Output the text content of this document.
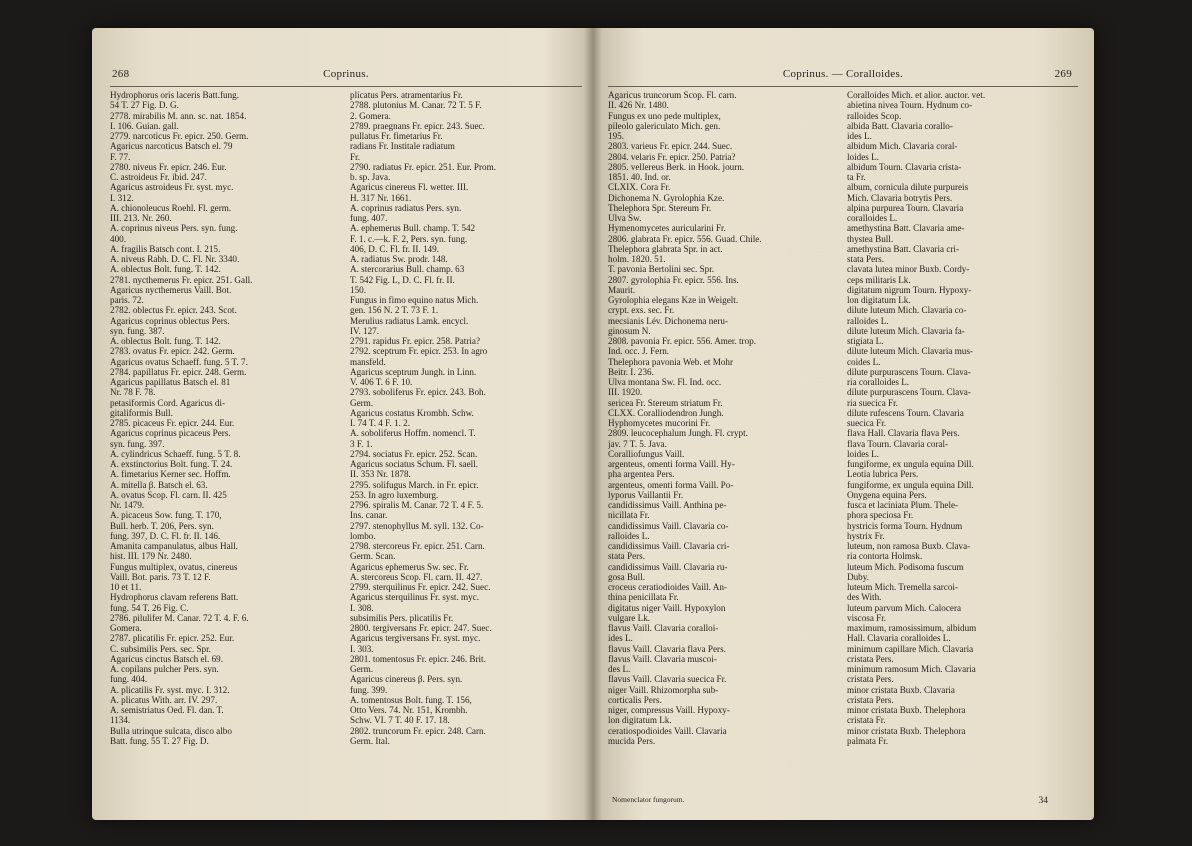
268	Coprinus.
Hydrophorus oris laceris Batt.fung.
54 T. 27 Fig. D. G.
2778. mirabilis M. ann. sc. nat. 1854.
I. 106. Guian. gall.
2779. narcoticus Fr. epicr. 250. Germ.
Agaricus narcoticus Batsch el. 79
F. 77.
2780. niveus Fr. epicr. 246. Eur.
C. astroideus Fr. ibid. 247.
Agaricus astroideus Fr. syst. myc.
I. 312.
A. chionoleucus Roehl. Fl. germ.
III. 213. Nr. 260.
A. coprinus niveus Pers. syn. fung.
400.
A. fragilis Batsch cont. I. 215.
A. niveus Rabh. D. C. Fl. Nr. 3340.
A. oblectus Bolt. fung. T. 142.
2781. nycthemerus Fr. epicr. 251. Gall.
Agaricus nycthemerus Vaill. Bot.
paris. 72.
2782. oblectus Fr. epicr. 243. Scot.
Agaricus coprinus oblectus Pers.
syn. fung. 387.
A. oblectus Bolt. fung. T. 142.
2783. ovatus Fr. epicr. 242. Germ.
Agaricus ovatus Schaeff. fung. 5 T. 7.
2784. papillatus Fr. epicr. 248. Germ.
Agaricus papillatus Batsch el. 81
Nr. 78 F. 78.
petasiformis Cord. Agaricus di-
gitaliformis Bull.
2785. picaceus Fr. epicr. 244. Eur.
Agaricus coprinus picaceus Pers.
syn. fung. 397.
A. cylindricus Schaeff. fung. 5 T. 8.
A. exstinctorius Bolt. fung. T. 24.
A. fimetarius Kerner sec. Hoffm.
A. mitella β. Batsch el. 63.
A. ovatus Scop. Fl. carn. II. 425
Nr. 1479.
A. picaceus Sow. fung. T. 170,
Bull. herb. T. 206, Pers. syn.
fung. 397, D. C. Fl. fr. II. 146.
Amanita campanulatus, albus Hall.
hist. III. 179 Nr. 2480.
Fungus multiplex, ovatus, cinereus
Vaill. Bot. paris. 73 T. 12 F.
10 et 11.
Hydrophorus clavam referens Batt.
fung. 54 T. 26 Fig. C.
2786. pilulifer M. Canar. 72 T. 4. F. 6.
Gomera.
2787. plicatilis Fr. epicr. 252. Eur.
C. subsimilis Pers. sec. Spr.
Agaricus cinctus Batsch el. 69.
A. copilans pulcher Pers. syn.
fung. 404.
A. plicatilis Fr. syst. myc. I. 312.
A. plicatus With. arr. IV. 297.
A. semistriatus Oed. Fl. dan. T.
1134.
Bulla utrinque sulcata, disco albo
Batt. fung. 55 T. 27 Fig. D.
plicatus Pers. atramentarius Fr.
2788. plutonius M. Canar. 72 T. 5 F.
2. Gomera.
2789. praegnans Fr. epicr. 243. Suec.
pullatus Fr. fimetarius Fr.
radians Fr. Institale radiatum
Fr.
2790. radiatus Fr. epicr. 251. Eur. Prom.
b. sp. Java.
Agaricus cinereus Fl. wetter. III.
H. 317 Nr. 1661.
A. coprinus radiatus Pers. syn.
fung. 407.
A. ephemerus Bull. champ. T. 542
F. 1. c.—k. F. 2, Pers. syn. fung.
406, D. C. Fl. fr. II. 149.
A. radiatus Sw. prodr. 148.
A. stercorarius Bull. champ. 63
T. 542 Fig. L, D. C. Fl. fr. II.
150.
Fungus in fimo equino natus Mich.
gen. 156 N. 2 T. 73 F. 1.
Merulius radiatus Lamk. encycl.
IV. 127.
2791. rapidus Fr. epicr. 258. Patria?
2792. sceptrum Fr. epicr. 253. In agro
mansfeld.
Agaricus sceptrum Jungh. in Linn.
V. 406 T. 6 F. 10.
2793. soboliferus Fr. epicr. 243. Boh.
Germ.
Agaricus costatus Krombh. Schw.
I. 74 T. 4 F. 1. 2.
A. soboliferus Hoffm. nomencl. T.
3 F. 1.
2794. sociatus Fr. epicr. 252. Scan.
Agaricus sociatus Schum. Fl. saell.
II. 353 Nr. 1878.
2795. solifugus March. in Fr. epicr.
253. In agro luxemburg.
2796. spiralis M. Canar. 72 T. 4 F. 5.
Ins. canar.
2797. stenophyllus M. syll. 132. Co-
lombo.
2798. stercoreus Fr. epicr. 251. Carn.
Germ. Scan.
Agaricus ephemerus Sw. sec. Fr.
A. stercoreus Scop. Fl. carn. II. 427.
2799. sterquilinus Fr. epicr. 242. Suec.
Agaricus sterquilinus Fr. syst. myc.
I. 308.
subsimilis Pers. plicatilis Fr.
2800. tergiversans Fr. epicr. 247. Suec.
Agaricus tergiversans Fr. syst. myc.
I. 303.
2801. tomentosus Fr. epicr. 246. Brit.
Germ.
Agaricus cinereus β. Pers. syn.
fung. 399.
A. tomentosus Bolt. fung. T. 156,
Otto Vers. 74. Nr. 151, Krombh.
Schw. VI. 7 T. 40 F. 17. 18.
2802. truncorum Fr. epicr. 248. Carn.
Germ. Ital.
Coprinus. — Coralloides.	269
Agaricus truncorum Scop. Fl. carn.
II. 426 Nr. 1480.
Fungus ex uno pede multiplex,
pileolo galericulato Mich. gen.
195.
2803. varieus Fr. epicr. 244. Suec.
2804. velaris Fr. epicr. 250. Patria?
2805. vellereus Berk. in Hook. journ.
1851. 40. Ind. or.
CLXIX. Cora Fr.
Dichonema N. Gyrolophia Kze.
Thelephora Spr. Stereum Fr.
Ulva Sw.
Hymenomycetes auricularini Fr.
2806. glabrata Fr. epicr. 556. Guad. Chile.
Thelephora glabrata Spr. in act.
holm. 1820. 51.
T. pavonia Bertolini sec. Spr.
2807. gyrolophia Fr. epicr. 556. Ins.
Maurit.
Gyrolophia elegans Kze in Weigelt.
crypt. exs. sec. Fr.
mecsianis Lév. Dichonema neru-
ginosum N.
2808. pavonia Fr. epicr. 556. Amer. trop.
Ind. occ. J. Fern.
Thelephora pavonia Web. et Mohr
Beitr. I. 236.
Ulva montana Sw. Fl. Ind. occ.
III. 1920.
sericea Fr. Stereum striatum Fr.
CLXX. Coralliodendron Jungh.
Hyphomycetes mucorini Fr.
2809. leucocephalum Jungh. Fl. crypt.
jav. 7 T. 5. Java.
Coralliofungus Vaill.
argenteus, omenti forma Vaill. Hy-
pha argentea Pers.
argenteus, omenti forma Vaill. Po-
lyporus Vaillantii Fr.
candidissimus Vaill. Anthina pe-
nicillata Fr.
candidissimus Vaill. Clavaria co-
ralloides L.
candidissimus Vaill. Clavaria cri-
stata Pers.
candidissimus Vaill. Clavaria ru-
gosa Bull.
croceus ceratiodioides Vaill. An-
thina penicillata Fr.
digitatus niger Vaill. Hypoxylon
vulgare Lk.
flavus Vaill. Clavaria coralloi-
ides L.
flavus Vaill. Clavaria flava Pers.
flavus Vaill. Clavaria muscoi-
des L.
flavus Vaill. Clavaria suecica Fr.
niger Vaill. Rhizomorpha sub-
corticalis Pers.
niger, compressus Vaill. Hypoxy-
lon digitatum Lk.
ceratiospodioides Vaill. Clavaria
mucida Pers.
Coralloides Mich. et alior. auctor. vet.
abietina nivea Tourn. Hydnum co-
ralloides Scop.
albida Batt. Clavaria corallo-
ides L.
albidum Mich. Clavaria coral-
loides L.
albidum Tourn. Clavaria crista-
ta Fr.
album, cornicula dilute purpureis
Mich. Clavaria botrytis Pers.
alpina purpurea Tourn. Clavaria
coralloides L.
amethystina Batt. Clavaria ame-
thystea Bull.
amethystina Batt. Clavaria cri-
stata Pers.
clavata lutea minor Buxb. Cordy-
ceps militaris Lk.
digitatum nigrum Tourn. Hypoxy-
lon digitatum Lk.
dilute luteum Mich. Clavaria co-
ralloides L.
dilute luteum Mich. Clavaria fa-
stigiata L.
dilute luteum Mich. Clavaria mus-
coides L.
dilute purpurascens Tourn. Clava-
ria coralloides L.
dilute purpurascens Tourn. Clava-
ria suecica Fr.
dilute rufescens Tourn. Clavaria
suecica Fr.
flava Hall. Clavaria flava Pers.
flava Tourn. Clavaria coral-
loides L.
fungiforme, ex ungula equina Dill.
Leotia lubrica Pers.
fungiforme, ex ungula equina Dill.
Onygena equina Pers.
fusca et laciniata Plum. Thele-
phora speciosa Fr.
hystricis forma Tourn. Hydnum
hystrix Fr.
luteum, non ramosa Buxb. Clava-
ria contorta Holmsk.
luteum Mich. Podisoma fuscum
Duby.
luteum Mich. Tremella sarcoi-
des With.
luteum parvum Mich. Calocera
viscosa Fr.
maximum, ramosissimum, albidum
Hall. Clavaria coralloides L.
minimum capillare Mich. Clavaria
cristata Pers.
minimum ramosum Mich. Clavaria
cristata Pers.
minor cristata Buxb. Clavaria
cristata Pers.
minor cristata Buxb. Thelephora
cristata Fr.
minor cristata Buxb. Thelephora
palmata Fr.
Nomenclator fungorum.	34
